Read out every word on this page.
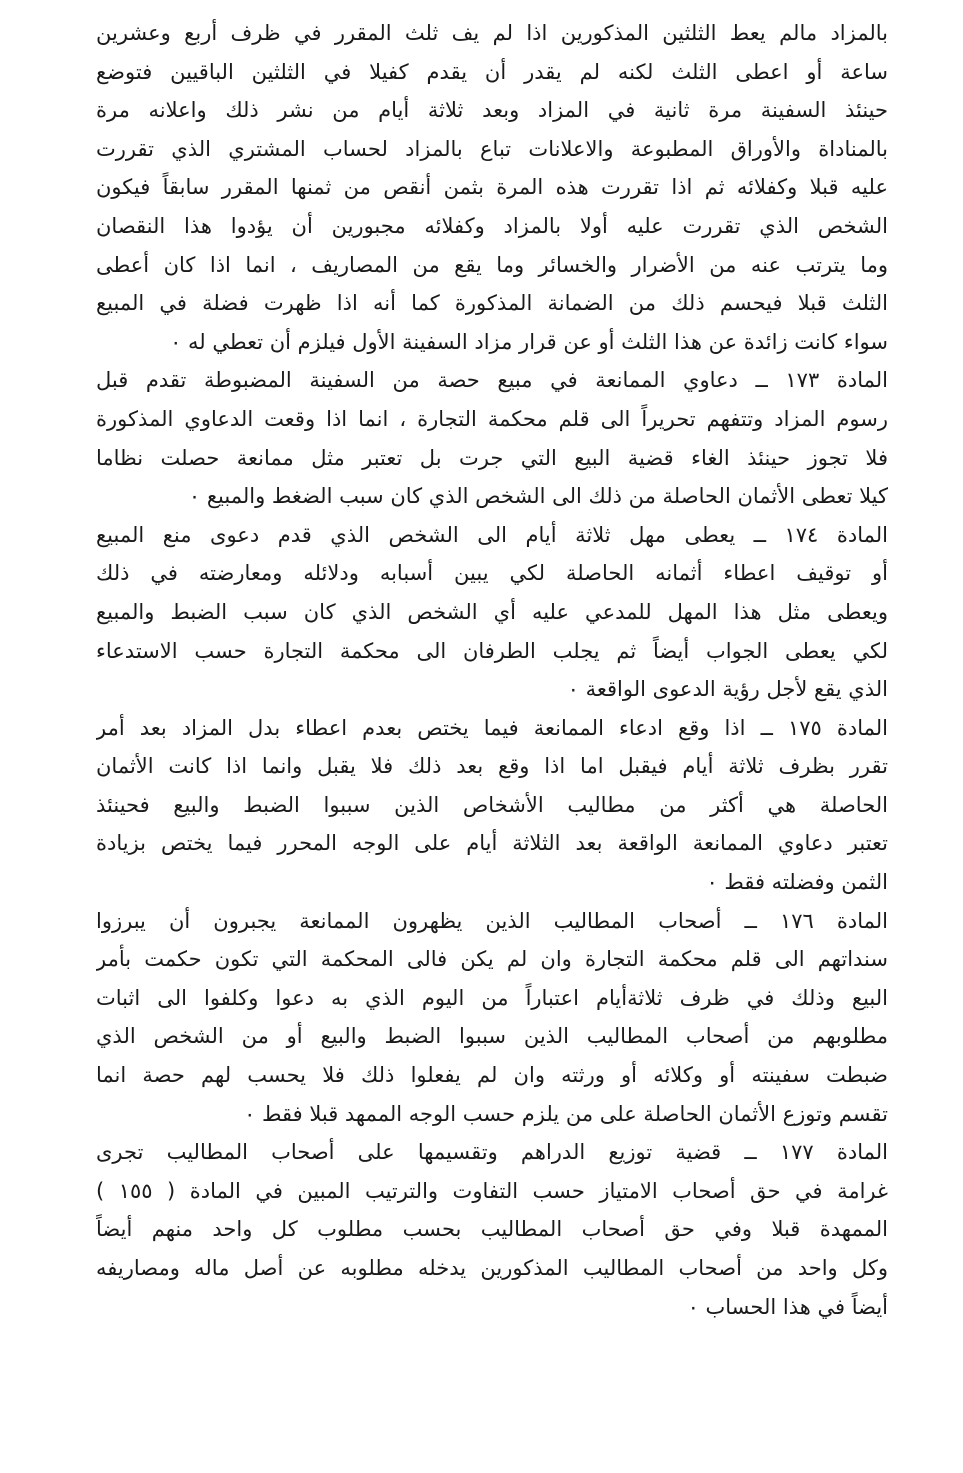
بالمزاد مالم يعط الثلثين المذكورين اذا لم يف ثلث المقرر في ظرف أربع وعشرين
ساعة أو اعطى الثلث لكنه لم يقدر أن يقدم كفيلا في الثلثين الباقيين فتوضع
حينئذ السفينة مرة ثانية في المزاد وبعد ثلاثة أيام من نشر ذلك واعلانه مرة
بالمناداة والأوراق المطبوعة والاعلانات تباع بالمزاد لحساب المشتري الذي تقررت
عليه قبلا وكفلائه ثم اذا تقررت هذه المرة بثمن أنقص من ثمنها المقرر سابقاً فيكون
الشخص الذي تقررت عليه أولا بالمزاد وكفلائه مجبورين أن يؤدوا هذا النقصان
وما يترتب عنه من الأضرار والخسائر وما يقع من المصاريف ، انما اذا كان أعطى
الثلث قبلا فيحسم ذلك من الضمانة المذكورة كما أنه اذا ظهرت فضلة في المبيع
سواء كانت زائدة عن هذا الثلث أو عن قرار مزاد السفينة الأول فيلزم أن تعطي له ٠
المادة ١٧٣ ــ دعاوي الممانعة في مبيع حصة من السفينة المضبوطة تقدم قبل
رسوم المزاد وتتفهم تحريراً الى قلم محكمة التجارة ، انما اذا وقعت الدعاوي المذكورة
فلا تجوز حينئذ الغاء قضية البيع التي جرت بل تعتبر مثل ممانعة حصلت نظاما
كيلا تعطى الأثمان الحاصلة من ذلك الى الشخص الذي كان سبب الضغط والمبيع ٠
المادة ١٧٤ ــ يعطى مهل ثلاثة أيام الى الشخص الذي قدم دعوى منع المبيع
أو توقيف اعطاء أثمانه الحاصلة لكي يبين أسبابه ودلائله ومعارضته في ذلك
ويعطى مثل هذا المهل للمدعي عليه أي الشخص الذي كان سبب الضبط والمبيع
لكي يعطى الجواب أيضاً ثم يجلب الطرفان الى محكمة التجارة حسب الاستدعاء
الذي يقع لأجل رؤية الدعوى الواقعة ٠
المادة ١٧٥ ــ اذا وقع ادعاء الممانعة فيما يختص بعدم اعطاء بدل المزاد بعد أمر
تقرر بظرف ثلاثة أيام فيقبل اما اذا وقع بعد ذلك فلا يقبل وانما اذا كانت الأثمان
الحاصلة هي أكثر من مطاليب الأشخاص الذين سببوا الضبط والبيع فحينئذ
تعتبر دعاوي الممانعة الواقعة بعد الثلاثة أيام على الوجه المحرر فيما يختص بزيادة
الثمن وفضلته فقط ٠
المادة ١٧٦ ــ أصحاب المطاليب الذين يظهرون الممانعة يجبرون أن يبرزوا
سنداتهم الى قلم محكمة التجارة وان لم يكن فالى المحكمة التي تكون حكمت بأمر
البيع وذلك في ظرف ثلاثةأيام اعتباراً من اليوم الذي به دعوا وكلفوا الى اثبات
مطلوبهم من أصحاب المطاليب الذين سببوا الضبط والبيع أو من الشخص الذي
ضبطت سفينته أو وكلائه أو ورثته وان لم يفعلوا ذلك فلا يحسب لهم حصة انما
تقسم وتوزع الأثمان الحاصلة على من يلزم حسب الوجه الممهد قبلا فقط ٠
المادة ١٧٧ ــ قضية توزيع الدراهم وتقسيمها على أصحاب المطاليب تجرى
غرامة في حق أصحاب الامتياز حسب التفاوت والترتيب المبين في المادة ( ١٥٥ )
الممهدة قبلا وفي حق أصحاب المطاليب بحسب مطلوب كل واحد منهم أيضاً
وكل واحد من أصحاب المطاليب المذكورين يدخله مطلوبه عن أصل ماله ومصاريفه
أيضاً في هذا الحساب ٠
